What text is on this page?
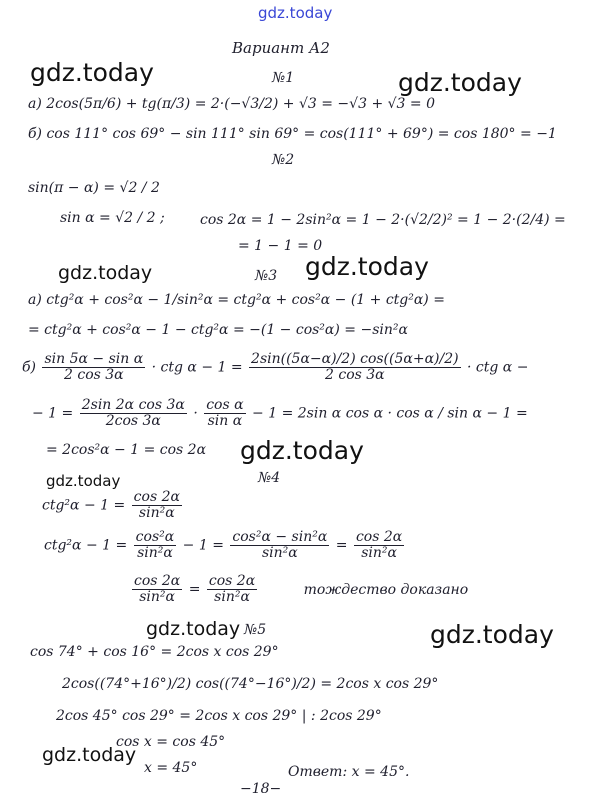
gdz.today
gdz.today	gdz.today
gdz.today	gdz.today
gdz.today
gdz.today
gdz.today	gdz.today
gdz.today
Вариант А2
№1
а) 2cos(5π/6) + tg(π/3) = 2·(−√3/2) + √3 = −√3 + √3 = 0
б) cos 111° cos 69° − sin 111° sin 69° = cos(111° + 69°) = cos 180° = −1
№2
sin(π − α) = √2 / 2
sin α = √2 / 2 ;	cos 2α = 1 − 2sin²α = 1 − 2·(√2/2)² = 1 − 2·(2/4) =
= 1 − 1 = 0
№3
а) ctg²α + cos²α − 1/sin²α = ctg²α + cos²α − (1 + ctg²α) =
= ctg²α + cos²α − 1 − ctg²α = −(1 − cos²α) = −sin²α
$б) \frac{\text{sin 5α − sin α}}{2 \cos 3\alpha}$ · ctg $\alpha - 1 = \frac{2\sin((5\alpha-\alpha)/2) \cos((5\alpha+\alpha)/2)}{2 \cos 3\alpha}$ · ctg α −
− $1 = \frac{\text{2sin 2α cos 3α}}{2\cos 3\alpha} \cdot \frac{\text{cos α}}{\text{sin α}} - 1 = 2\sin$ α cos α · cos α / sin α − 1 =
= 2cos²α − 1 = cos 2α
№4
$ctg^2\alpha - 1 = \frac{\cos 2\alpha}{\text{sin²α}}$
$ctg^2\alpha - 1 = \frac{\text{cos²α}}{\text{sin²α}} - 1 = \frac{\text{cos²α − sin²α}}{\text{sin²α}} = \frac{\cos 2\alpha}{\text{sin²α}}$
$\frac{\cos 2\alpha}{\text{sin²α}} = \frac{\cos 2\alpha}{\text{sin²α}}$	тождество доказано
№5
cos 74° + cos 16° = 2cos x cos 29°
2cos((74°+16°)/2) cos((74°−16°)/2) = 2cos x cos 29°
2cos 45° cos 29° = 2cos x cos 29° | : 2cos 29°
cos x = cos 45°
x = 45°	Ответ: x = 45°.
−18−
